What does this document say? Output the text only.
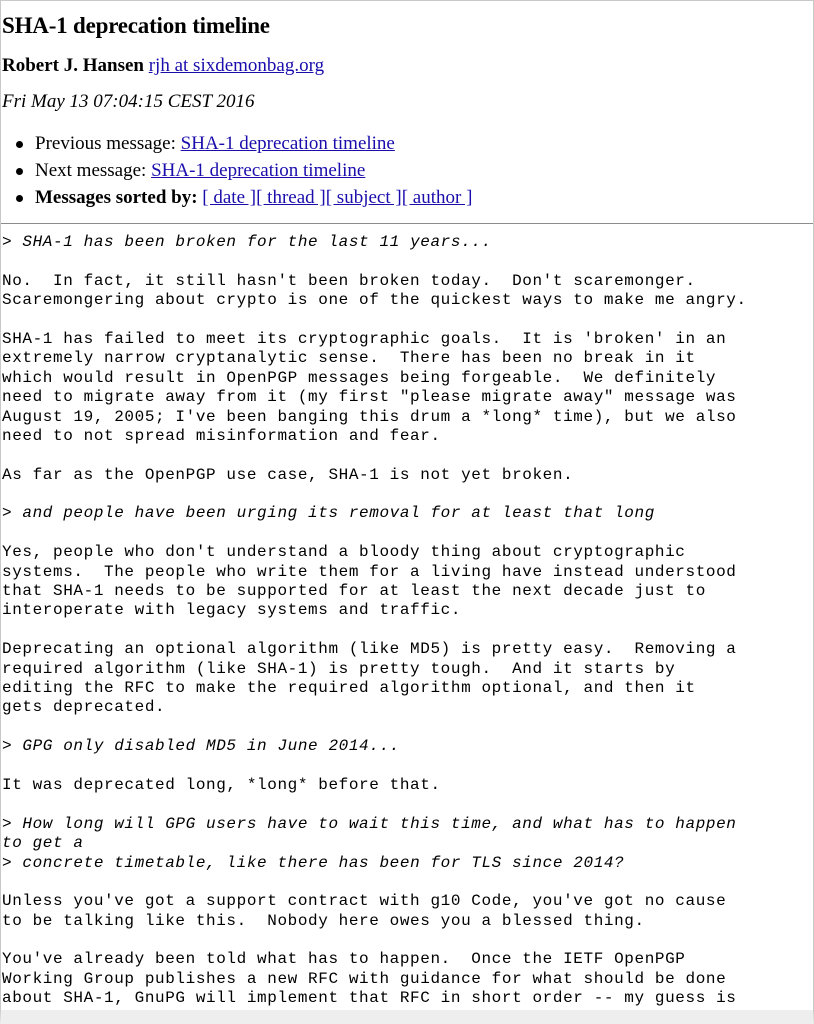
SHA-1 deprecation timeline
Robert J. Hansen rjh at sixdemonbag.org
Fri May 13 07:04:15 CEST 2016
Previous message: SHA-1 deprecation timeline
Next message: SHA-1 deprecation timeline
Messages sorted by: [ date ][ thread ][ subject ][ author ]
> SHA-1 has been broken for the last 11 years...

No.  In fact, it still hasn't been broken today.  Don't scaremonger.
Scaremongering about crypto is one of the quickest ways to make me angry.

SHA-1 has failed to meet its cryptographic goals.  It is 'broken' in an
extremely narrow cryptanalytic sense.  There has been no break in it
which would result in OpenPGP messages being forgeable.  We definitely
need to migrate away from it (my first "please migrate away" message was
August 19, 2005; I've been banging this drum a *long* time), but we also
need to not spread misinformation and fear.

As far as the OpenPGP use case, SHA-1 is not yet broken.

> and people have been urging its removal for at least that long

Yes, people who don't understand a bloody thing about cryptographic
systems.  The people who write them for a living have instead understood
that SHA-1 needs to be supported for at least the next decade just to
interoperate with legacy systems and traffic.

Deprecating an optional algorithm (like MD5) is pretty easy.  Removing a
required algorithm (like SHA-1) is pretty tough.  And it starts by
editing the RFC to make the required algorithm optional, and then it
gets deprecated.

> GPG only disabled MD5 in June 2014...

It was deprecated long, *long* before that.

> How long will GPG users have to wait this time, and what has to happen
to get a
> concrete timetable, like there has been for TLS since 2014?

Unless you've got a support contract with g10 Code, you've got no cause
to be talking like this.  Nobody here owes you a blessed thing.

You've already been told what has to happen.  Once the IETF OpenPGP
Working Group publishes a new RFC with guidance for what should be done
about SHA-1, GnuPG will implement that RFC in short order -- my guess is
